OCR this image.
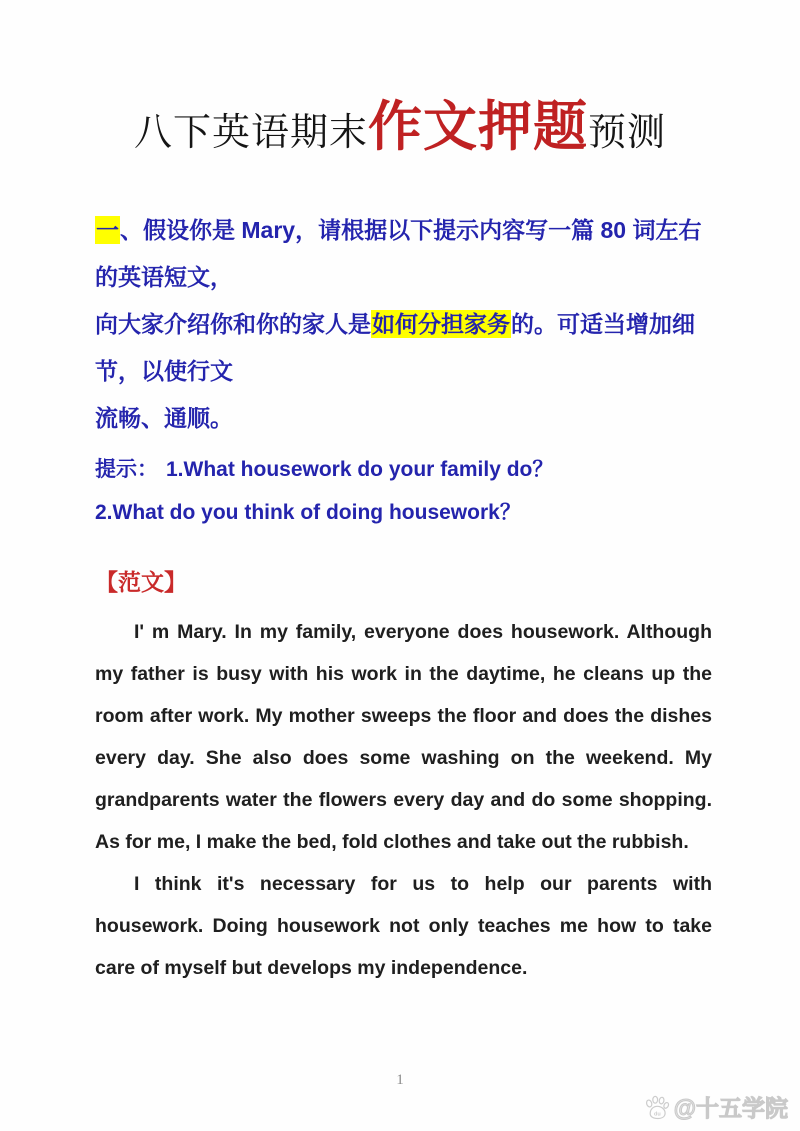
八下英语期末作文押题预测
一、假设你是 Mary，请根据以下提示内容写一篇 80 词左右的英语短文，
向大家介绍你和你的家人是如何分担家务的。可适当增加细节，以使行文
流畅、通顺。
提示： 1.What housework do your family do？
2.What do you think of doing housework？
【范文】

I' m Mary. In my family, everyone does housework. Although my father is busy with his work in the daytime, he cleans up the room after work. My mother sweeps the floor and does the dishes every day. She also does some washing on the weekend. My grandparents water the flowers every day and do some shopping. As for me, I make the bed, fold clothes and take out the rubbish.

I think it's necessary for us to help our parents with housework. Doing housework not only teaches me how to take care of myself but develops my independence.

1
du @十五学院
